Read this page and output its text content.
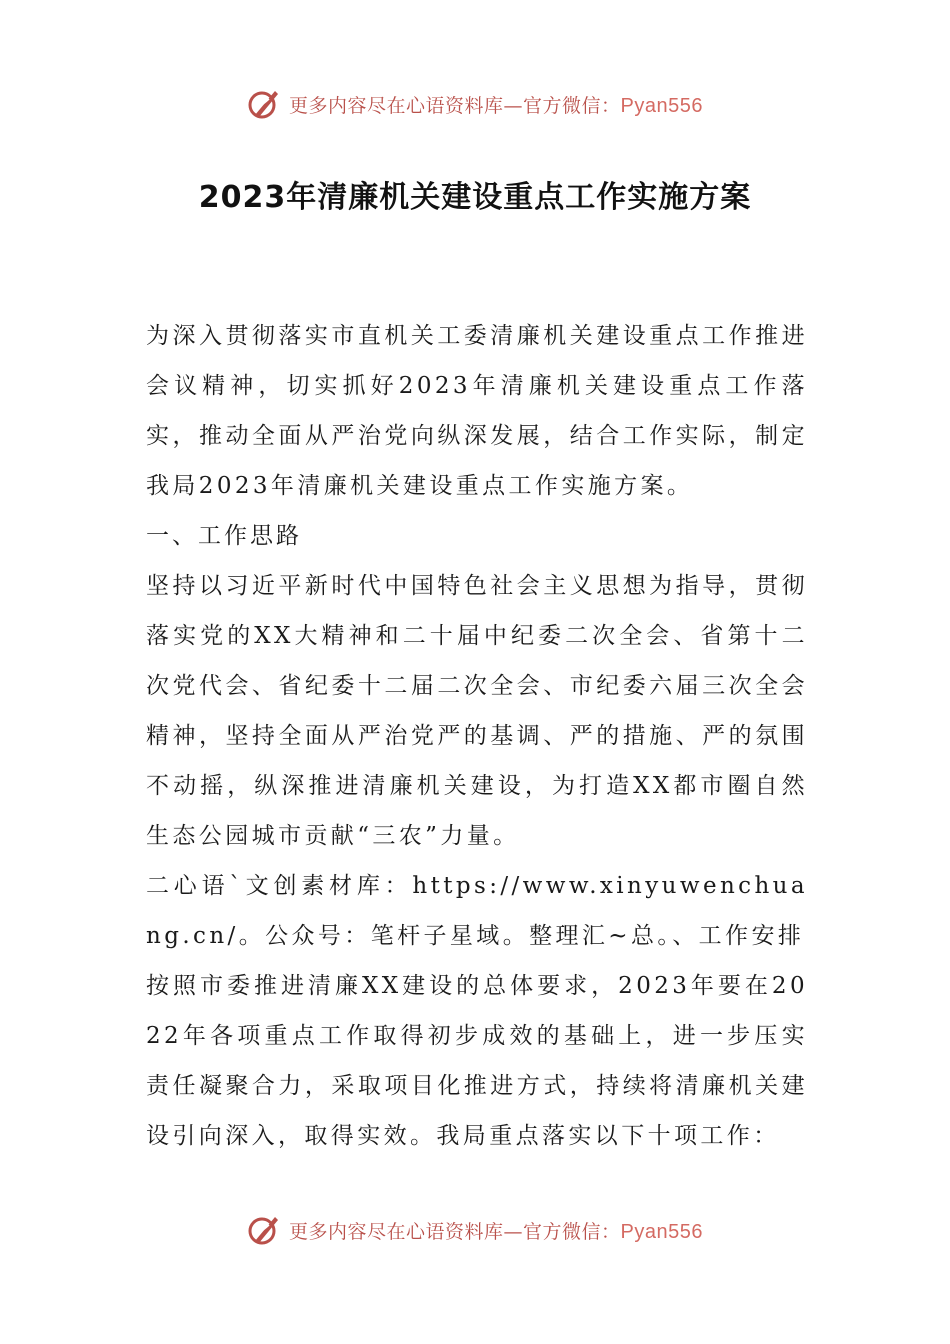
更多内容尽在心语资料库—官方微信：Pyan556
2023年清廉机关建设重点工作实施方案

为深入贯彻落实市直机关工委清廉机关建设重点工作推进会议精神，切实抓好2023年清廉机关建设重点工作落实，推动全面从严治党向纵深发展，结合工作实际，制定我局2023年清廉机关建设重点工作实施方案。

一、工作思路

坚持以习近平新时代中国特色社会主义思想为指导，贯彻落实党的XX大精神和二十届中纪委二次全会、省第十二次党代会、省纪委十二届二次全会、市纪委六届三次全会精神，坚持全面从严治党严的基调、严的措施、严的氛围不动摇，纵深推进清廉机关建设，为打造XX都市圈自然生态公园城市贡献“三农”力量。

二心语`文创素材库：https://www.xinyuwenchuang.cn/。公众号：笔杆子星域。整理汇~总。、工作安排

按照市委推进清廉XX建设的总体要求，2023年要在2022年各项重点工作取得初步成效的基础上，进一步压实责任凝聚合力，采取项目化推进方式，持续将清廉机关建设引向深入，取得实效。我局重点落实以下十项工作：

更多内容尽在心语资料库—官方微信：Pyan556
